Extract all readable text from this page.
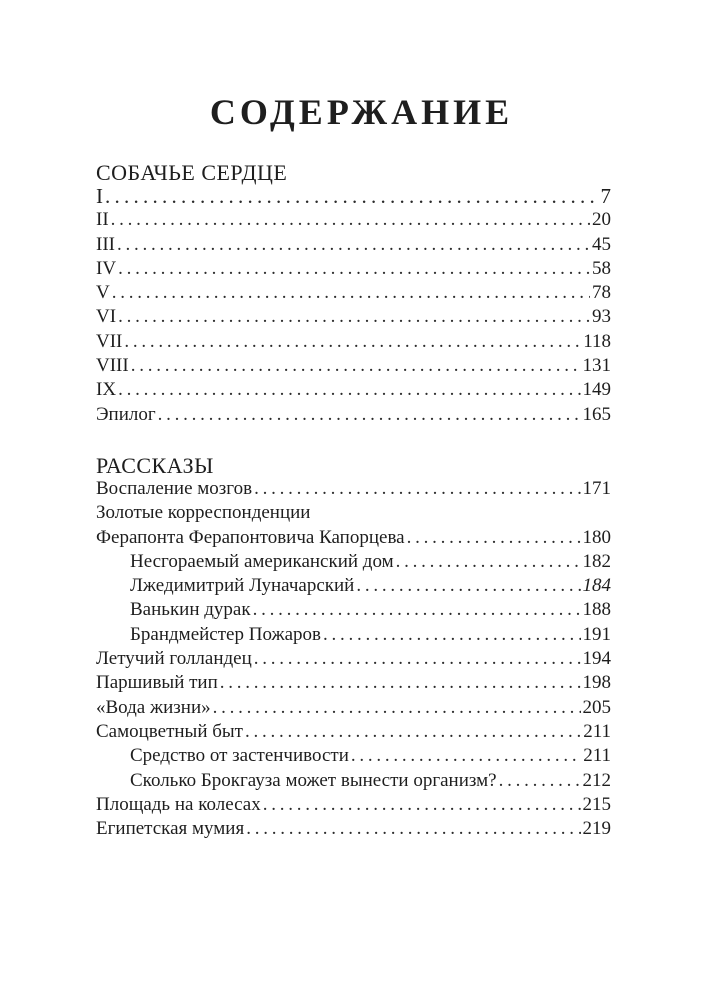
СОДЕРЖАНИЕ
СОБАЧЬЕ СЕРДЦЕ
I . . .	7
II . . .	20
III . . .	45
IV . . .	58
V . . .	78
VI . . .	93
VII . . .	118
VIII . . .	131
IX . . .	149
Эпилог . . .	165
РАССКАЗЫ
Воспаление мозгов . . .	171
Золотые корреспонденции
Ферапонта Ферапонтовича Капорцева . . .	180
Несгораемый американский дом . . .	182
Лжедимитрий Луначарский . . .	184
Ванькин дурак . . .	188
Брандмейстер Пожаров . . .	191
Летучий голландец . . .	194
Паршивый тип . . .	198
«Вода жизни» . . .	205
Самоцветный быт . . .	211
Средство от застенчивости . . .	211
Сколько Брокгауза может вынести организм? . . .	212
Площадь на колесах . . .	215
Египетская мумия . . .	219
